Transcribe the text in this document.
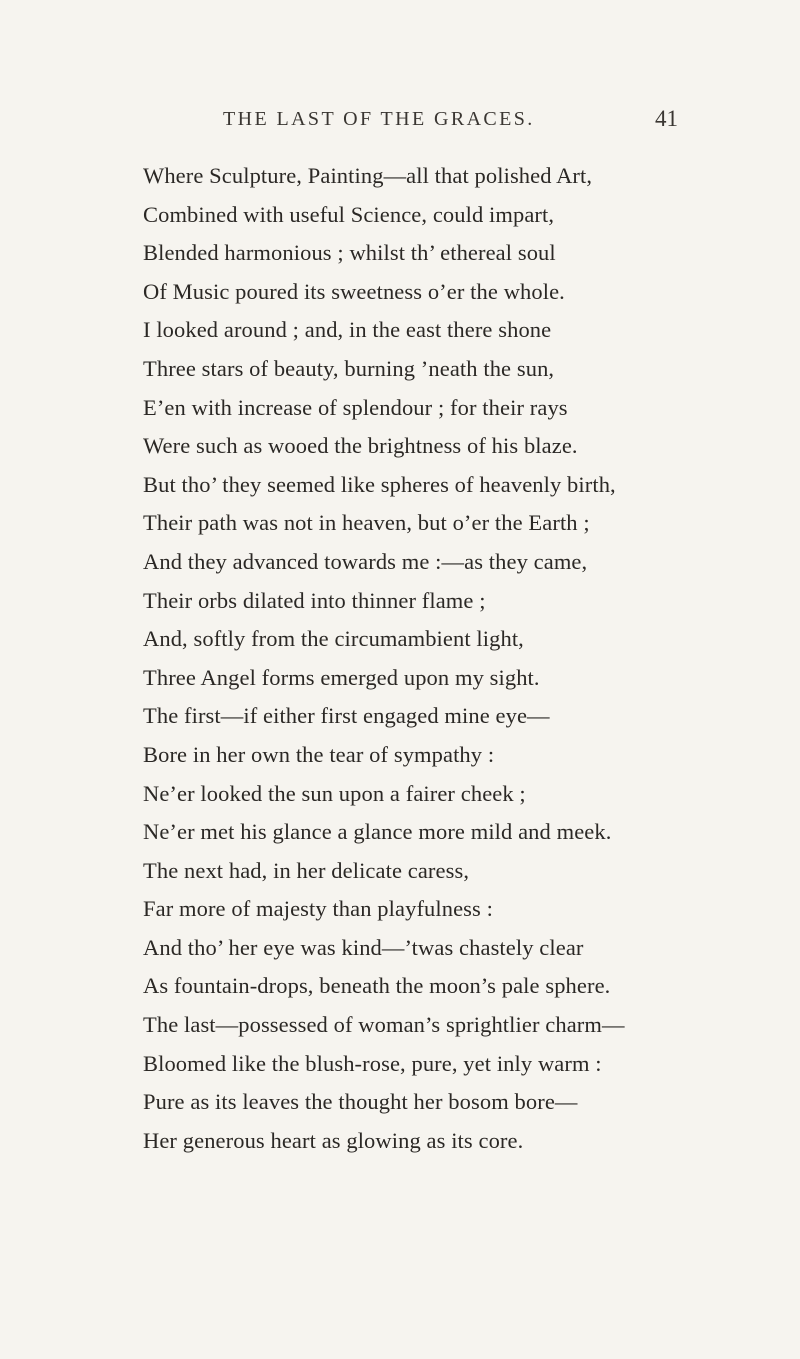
THE LAST OF THE GRACES.	41
Where Sculpture, Painting—all that polished Art,
Combined with useful Science, could impart,
Blended harmonious ; whilst th’ ethereal soul
Of Music poured its sweetness o’er the whole.
I looked around ; and, in the east there shone
Three stars of beauty, burning ’neath the sun,
E’en with increase of splendour ; for their rays
Were such as wooed the brightness of his blaze.
But tho’ they seemed like spheres of heavenly birth,
Their path was not in heaven, but o’er the Earth ;
And they advanced towards me :—as they came,
Their orbs dilated into thinner flame ;
And, softly from the circumambient light,
Three Angel forms emerged upon my sight.
The first—if either first engaged mine eye—
Bore in her own the tear of sympathy :
Ne’er looked the sun upon a fairer cheek ;
Ne’er met his glance a glance more mild and meek.
The next had, in her delicate caress,
Far more of majesty than playfulness :
And tho’ her eye was kind—’twas chastely clear
As fountain-drops, beneath the moon’s pale sphere.
The last—possessed of woman’s sprightlier charm—
Bloomed like the blush-rose, pure, yet inly warm :
Pure as its leaves the thought her bosom bore—
Her generous heart as glowing as its core.
